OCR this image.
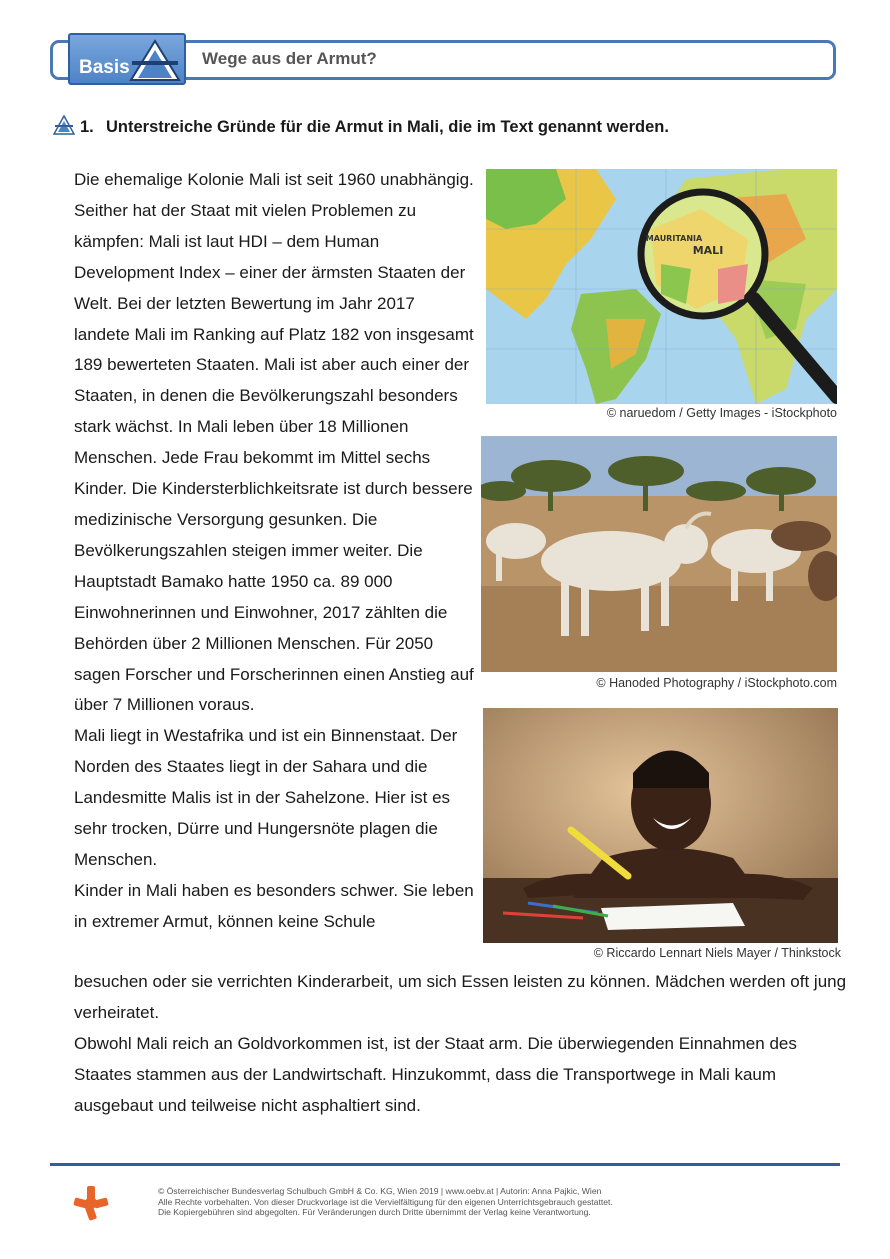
Basis	Wege aus der Armut?
1. Unterstreiche Gründe für die Armut in Mali, die im Text genannt werden.

Die ehemalige Kolonie Mali ist seit 1960 unabhängig. Seither hat der Staat mit vielen Problemen zu kämpfen: Mali ist laut HDI – dem Human Development Index – einer der ärmsten Staaten der Welt. Bei der letzten Bewertung im Jahr 2017 landete Mali im Ranking auf Platz 182 von insgesamt 189 bewerteten Staaten. Mali ist aber auch einer der Staaten, in denen die Bevölkerungszahl besonders stark wächst. In Mali leben über 18 Millionen Menschen. Jede Frau bekommt im Mittel sechs Kinder. Die Kindersterblichkeitsrate ist durch bessere medizinische Versorgung gesunken. Die Bevölkerungszahlen steigen immer weiter. Die Hauptstadt Bamako hatte 1950 ca. 89 000 Einwohnerinnen und Einwohner, 2017 zählten die Behörden über 2 Millionen Menschen. Für 2050 sagen Forscher und Forscherinnen einen Anstieg auf über 7 Millionen voraus.

Mali liegt in Westafrika und ist ein Binnenstaat. Der Norden des Staates liegt in der Sahara und die Landesmitte Malis ist in der Sahelzone. Hier ist es sehr trocken, Dürre und Hungersnöte plagen die Menschen.

Kinder in Mali haben es besonders schwer. Sie leben in extremer Armut, können keine Schule

MALI
MAURITANIA
© naruedom / Getty Images - iStockphoto
© Hanoded Photography / iStockphoto.com
© Riccardo Lennart Niels Mayer / Thinkstock

besuchen oder sie verrichten Kinderarbeit, um sich Essen leisten zu können. Mädchen werden oft jung verheiratet.

Obwohl Mali reich an Goldvorkommen ist, ist der Staat arm. Die überwiegenden Einnahmen des Staates stammen aus der Landwirtschaft. Hinzukommt, dass die Transportwege in Mali kaum ausgebaut und teilweise nicht asphaltiert sind.

© Österreichischer Bundesverlag Schulbuch GmbH & Co. KG, Wien 2019 | www.oebv.at | Autorin: Anna Pajkic, Wien
Alle Rechte vorbehalten. Von dieser Druckvorlage ist die Vervielfältigung für den eigenen Unterrichtsgebrauch gestattet.
Die Kopiergebühren sind abgegolten. Für Veränderungen durch Dritte übernimmt der Verlag keine Verantwortung.
